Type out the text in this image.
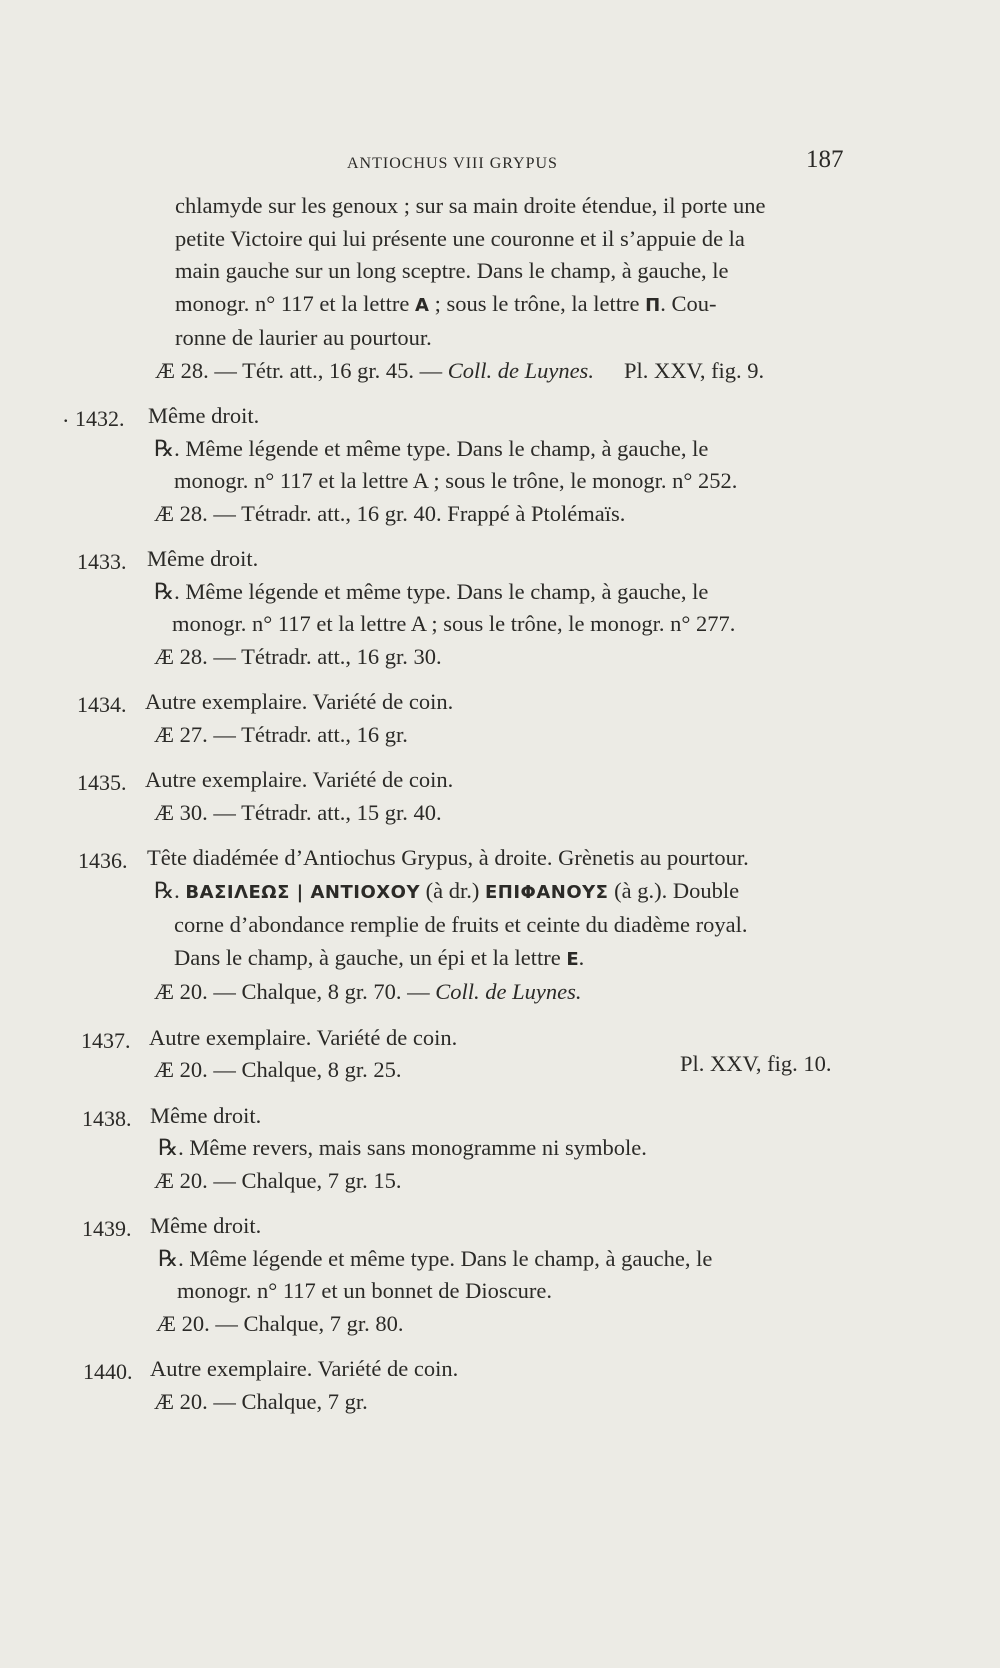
ANTIOCHUS VIII GRYPUS	187
chlamyde sur les genoux ; sur sa main droite étendue, il porte une
petite Victoire qui lui présente une couronne et il s’appuie de la
main gauche sur un long sceptre. Dans le champ, à gauche, le
monogr. n° 117 et la lettre A ; sous le trône, la lettre Π. Cou-
ronne de laurier au pourtour.
Æ 28. — Tétr. att., 16 gr. 45. — Coll. de Luynes. Pl. XXV, fig. 9.
· 1432.	Même droit.
℞. Même légende et même type. Dans le champ, à gauche, le
monogr. n° 117 et la lettre A ; sous le trône, le monogr. n° 252.
Æ 28. — Tétradr. att., 16 gr. 40. Frappé à Ptolémaïs.
1433. Même droit.
℞. Même légende et même type. Dans le champ, à gauche, le
monogr. n° 117 et la lettre A ; sous le trône, le monogr. n° 277.
Æ 28. — Tétradr. att., 16 gr. 30.
1434. Autre exemplaire. Variété de coin.
Æ 27. — Tétradr. att., 16 gr.
1435. Autre exemplaire. Variété de coin.
Æ 30. — Tétradr. att., 15 gr. 40.
1436. Tête diadémée d’Antiochus Grypus, à droite. Grènetis au pourtour.
℞. ΒΑΣΙΛΕΩΣ | ΑΝΤΙΟΧΟΥ (à dr.) ΕΠΙΦΑΝΟΥΣ (à g.). Double
corne d’abondance remplie de fruits et ceinte du diadème royal.
Dans le champ, à gauche, un épi et la lettre E.
Æ 20. — Chalque, 8 gr. 70. — Coll. de Luynes.
1437. Autre exemplaire. Variété de coin.
Æ 20. — Chalque, 8 gr. 25.	Pl. XXV, fig. 10.
1438. Même droit.
℞. Même revers, mais sans monogramme ni symbole.
Æ 20. — Chalque, 7 gr. 15.
1439. Même droit.
℞. Même légende et même type. Dans le champ, à gauche, le
monogr. n° 117 et un bonnet de Dioscure.
Æ 20. — Chalque, 7 gr. 80.
1440. Autre exemplaire. Variété de coin.
Æ 20. — Chalque, 7 gr.
